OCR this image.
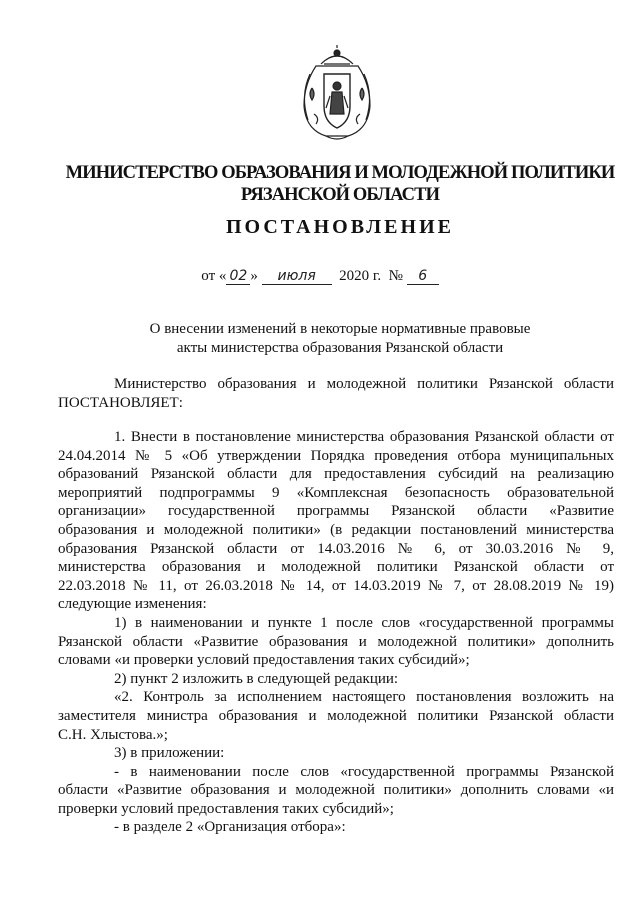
МИНИСТЕРСТВО ОБРАЗОВАНИЯ И МОЛОДЕЖНОЙ ПОЛИТИКИ
РЯЗАНСКОЙ ОБЛАСТИ
ПОСТАНОВЛЕНИЕ
от « 02 » июля 2020 г. № 6
О внесении изменений в некоторые нормативные правовые
акты министерства образования Рязанской области

Министерство образования и молодежной политики Рязанской области

ПОСТАНОВЛЯЕТ:

1. Внести в постановление министерства образования Рязанской области от

24.04.2014 № 5 «Об утверждении Порядка проведения отбора муниципальных

образований Рязанской области для предоставления субсидий на реализацию

мероприятий подпрограммы 9 «Комплексная безопасность образовательной

организации» государственной программы Рязанской области «Развитие

образования и молодежной политики» (в редакции постановлений министерства

образования Рязанской области от 14.03.2016 № 6, от 30.03.2016 № 9,

министерства образования и молодежной политики Рязанской области от

22.03.2018 № 11, от 26.03.2018 № 14, от 14.03.2019 № 7, от 28.08.2019 № 19)

следующие изменения:

1) в наименовании и пункте 1 после слов «государственной программы

Рязанской области «Развитие образования и молодежной политики» дополнить

словами «и проверки условий предоставления таких субсидий»;

2) пункт 2 изложить в следующей редакции:

«2. Контроль за исполнением настоящего постановления возложить на

заместителя министра образования и молодежной политики Рязанской области

С.Н. Хлыстова.»;

3) в приложении:

- в наименовании после слов «государственной программы Рязанской

области «Развитие образования и молодежной политики» дополнить словами «и

проверки условий предоставления таких субсидий»;

- в разделе 2 «Организация отбора»:
